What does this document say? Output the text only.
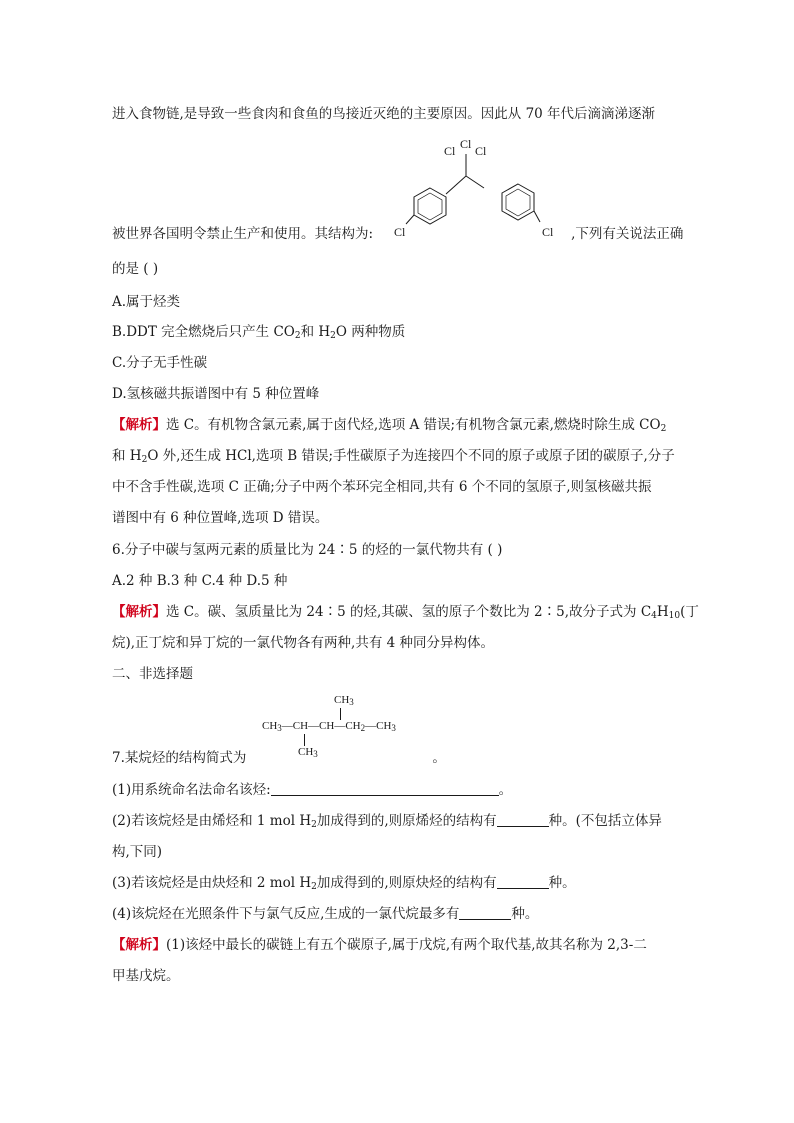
进入食物链,是导致一些食肉和食鱼的鸟接近灭绝的主要原因。因此从 70 年代后滴滴涕逐渐
Cl Cl Cl
Cl	Cl
被世界各国明令禁止生产和使用。其结构为:	,下列有关说法正确
的是 ( )
A.属于烃类
B.DDT 完全燃烧后只产生 $CO_2$和 $H_2O$ 两种物质
C.分子无手性碳
D.氢核磁共振谱图中有 5 种位置峰
【解析】选 C。有机物含氯元素,属于卤代烃,选项 A 错误;有机物含氯元素,燃烧时除生成 $CO_2$
和 $H_2O$ 外,还生成 HCl,选项 B 错误;手性碳原子为连接四个不同的原子或原子团的碳原子,分子
中不含手性碳,选项 C 正确;分子中两个苯环完全相同,共有 6 个不同的氢原子,则氢核磁共振
谱图中有 6 种位置峰,选项 D 错误。
6.分子中碳与氢两元素的质量比为 24∶5 的烃的一氯代物共有 ( )
A.2 种 B.3 种 C.4 种 D.5 种
【解析】选 C。碳、氢质量比为 24∶5 的烃,其碳、氢的原子个数比为 2∶5,故分子式为 $C_4H_{10}$(丁
烷),正丁烷和异丁烷的一氯代物各有两种,共有 4 种同分异构体。
二、非选择题
$CH_3$
$CH_3—CH—CH—CH_2—CH_3$
$CH_3$
7.某烷烃的结构简式为	。
(1)用系统命名法命名该烃:	。
(2)若该烷烃是由烯烃和 1 mol $H_2$加成得到的,则原烯烃的结构有	种。(不包括立体异
构,下同)
(3)若该烷烃是由炔烃和 2 mol $H_2$加成得到的,则原炔烃的结构有	种。
(4)该烷烃在光照条件下与氯气反应,生成的一氯代烷最多有	种。
【解析】(1)该烃中最长的碳链上有五个碳原子,属于戊烷,有两个取代基,故其名称为 2,3-二
甲基戊烷。
